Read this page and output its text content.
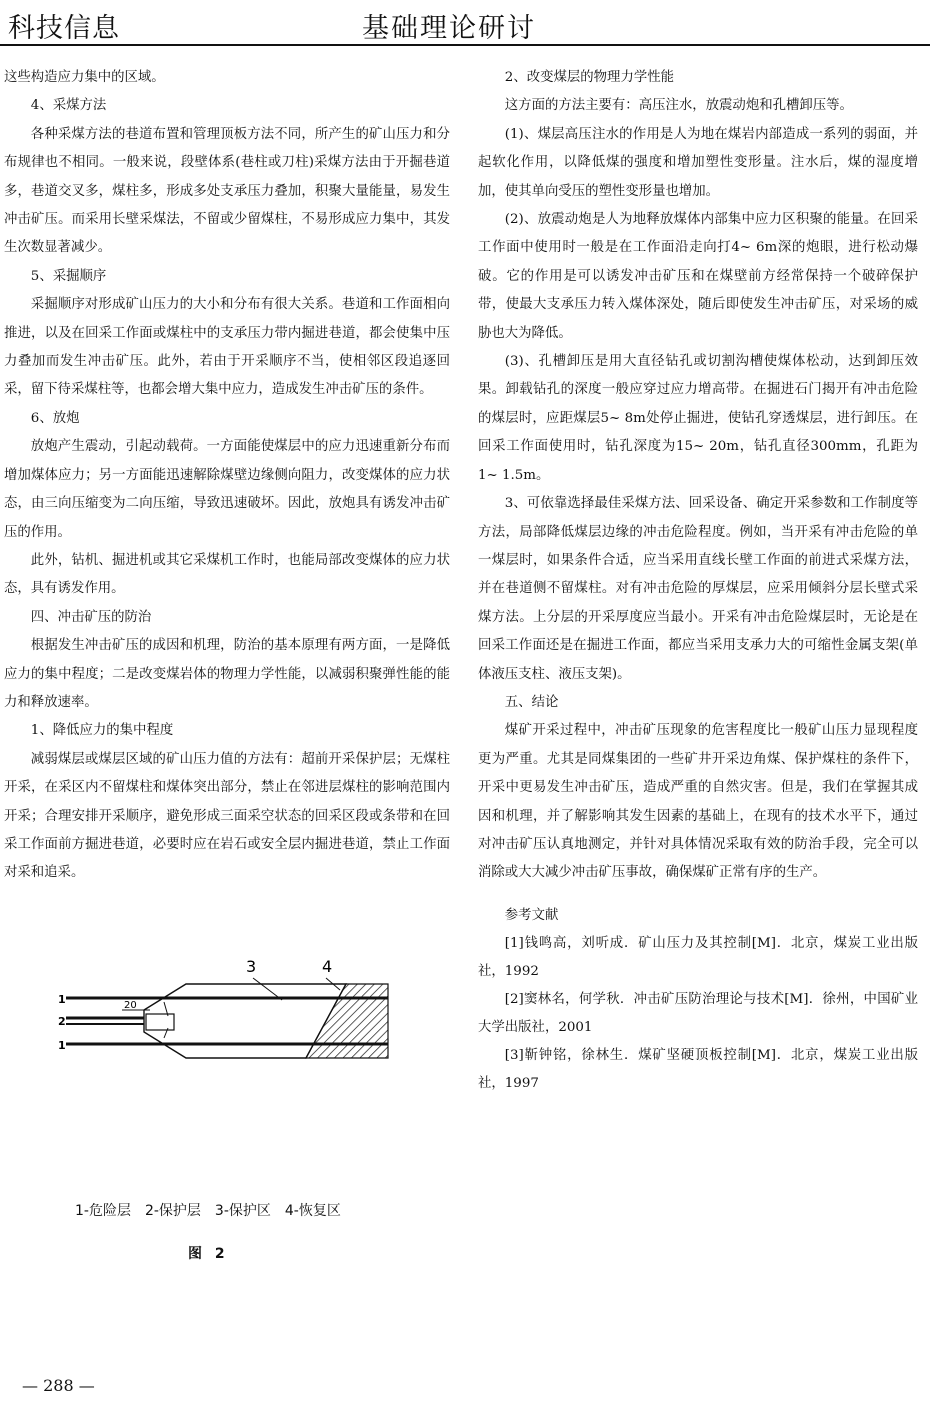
科技信息	基础理论研讨

这些构造应力集中的区域。

4、采煤方法

各种采煤方法的巷道布置和管理顶板方法不同，所产生的矿山压力和分布规律也不相同。一般来说，段壁体系(巷柱或刀柱)采煤方法由于开掘巷道多，巷道交叉多，煤柱多，形成多处支承压力叠加，积聚大量能量，易发生冲击矿压。而采用长壁采煤法，不留或少留煤柱，不易形成应力集中，其发生次数显著减少。

5、采掘顺序

采掘顺序对形成矿山压力的大小和分布有很大关系。巷道和工作面相向推进，以及在回采工作面或煤柱中的支承压力带内掘进巷道，都会使集中压力叠加而发生冲击矿压。此外，若由于开采顺序不当，使相邻区段追逐回采，留下待采煤柱等，也都会增大集中应力，造成发生冲击矿压的条件。

6、放炮

放炮产生震动，引起动载荷。一方面能使煤层中的应力迅速重新分布而增加煤体应力；另一方面能迅速解除煤壁边缘侧向阻力，改变煤体的应力状态，由三向压缩变为二向压缩，导致迅速破坏。因此，放炮具有诱发冲击矿压的作用。

此外，钻机、掘进机或其它采煤机工作时，也能局部改变煤体的应力状态，具有诱发作用。

四、冲击矿压的防治

根据发生冲击矿压的成因和机理，防治的基本原理有两方面，一是降低应力的集中程度；二是改变煤岩体的物理力学性能，以减弱积聚弹性能的能力和释放速率。

1、降低应力的集中程度

减弱煤层或煤层区域的矿山压力值的方法有：超前开采保护层；无煤柱开采，在采区内不留煤柱和煤体突出部分，禁止在邻进层煤柱的影响范围内开采；合理安排开采顺序，避免形成三面采空状态的回采区段或条带和在回采工作面前方掘进巷道，必要时应在岩石或安全层内掘进巷道，禁止工作面对采和追采。

2、改变煤层的物理力学性能

这方面的方法主要有：高压注水，放震动炮和孔槽卸压等。

(1)、煤层高压注水的作用是人为地在煤岩内部造成一系列的弱面，并起软化作用，以降低煤的强度和增加塑性变形量。注水后，煤的湿度增加，使其单向受压的塑性变形量也增加。

(2)、放震动炮是人为地释放煤体内部集中应力区积聚的能量。在回采工作面中使用时一般是在工作面沿走向打4~ 6m深的炮眼，进行松动爆破。它的作用是可以诱发冲击矿压和在煤壁前方经常保持一个破碎保护带，使最大支承压力转入煤体深处，随后即使发生冲击矿压，对采场的威胁也大为降低。

(3)、孔槽卸压是用大直径钻孔或切割沟槽使煤体松动，达到卸压效果。卸载钻孔的深度一般应穿过应力增高带。在掘进石门揭开有冲击危险的煤层时，应距煤层5~ 8m处停止掘进，使钻孔穿透煤层，进行卸压。在回采工作面使用时，钻孔深度为15~ 20m，钻孔直径300mm，孔距为1~ 1.5m。

3、可依靠选择最佳采煤方法、回采设备、确定开采参数和工作制度等方法，局部降低煤层边缘的冲击危险程度。例如，当开采有冲击危险的单一煤层时，如果条件合适，应当采用直线长壁工作面的前进式采煤方法，并在巷道侧不留煤柱。对有冲击危险的厚煤层，应采用倾斜分层长壁式采煤方法。上分层的开采厚度应当最小。开采有冲击危险煤层时，无论是在回采工作面还是在掘进工作面，都应当采用支承力大的可缩性金属支架(单体液压支柱、液压支架)。

五、结论

煤矿开采过程中，冲击矿压现象的危害程度比一般矿山压力显现程度更为严重。尤其是同煤集团的一些矿井开采边角煤、保护煤柱的条件下，开采中更易发生冲击矿压，造成严重的自然灾害。但是，我们在掌握其成因和机理，并了解影响其发生因素的基础上，在现有的技术水平下，通过对冲击矿压认真地测定，并针对具体情况采取有效的防治手段，完全可以消除或大大减少冲击矿压事故，确保煤矿正常有序的生产。

参考文献

[1]钱鸣高，刘听成．矿山压力及其控制[M]．北京，煤炭工业出版社，1992

[2]窦林名，何学秋．冲击矿压防治理论与技术[M]．徐州，中国矿业大学出版社，2001

[3]靳钟铭，徐林生．煤矿坚硬顶板控制[M]．北京，煤炭工业出版社，1997

3	4
1
2
1
20
1-危险层　2-保护层　3-保护区　4-恢复区
图 2
— 288 —
